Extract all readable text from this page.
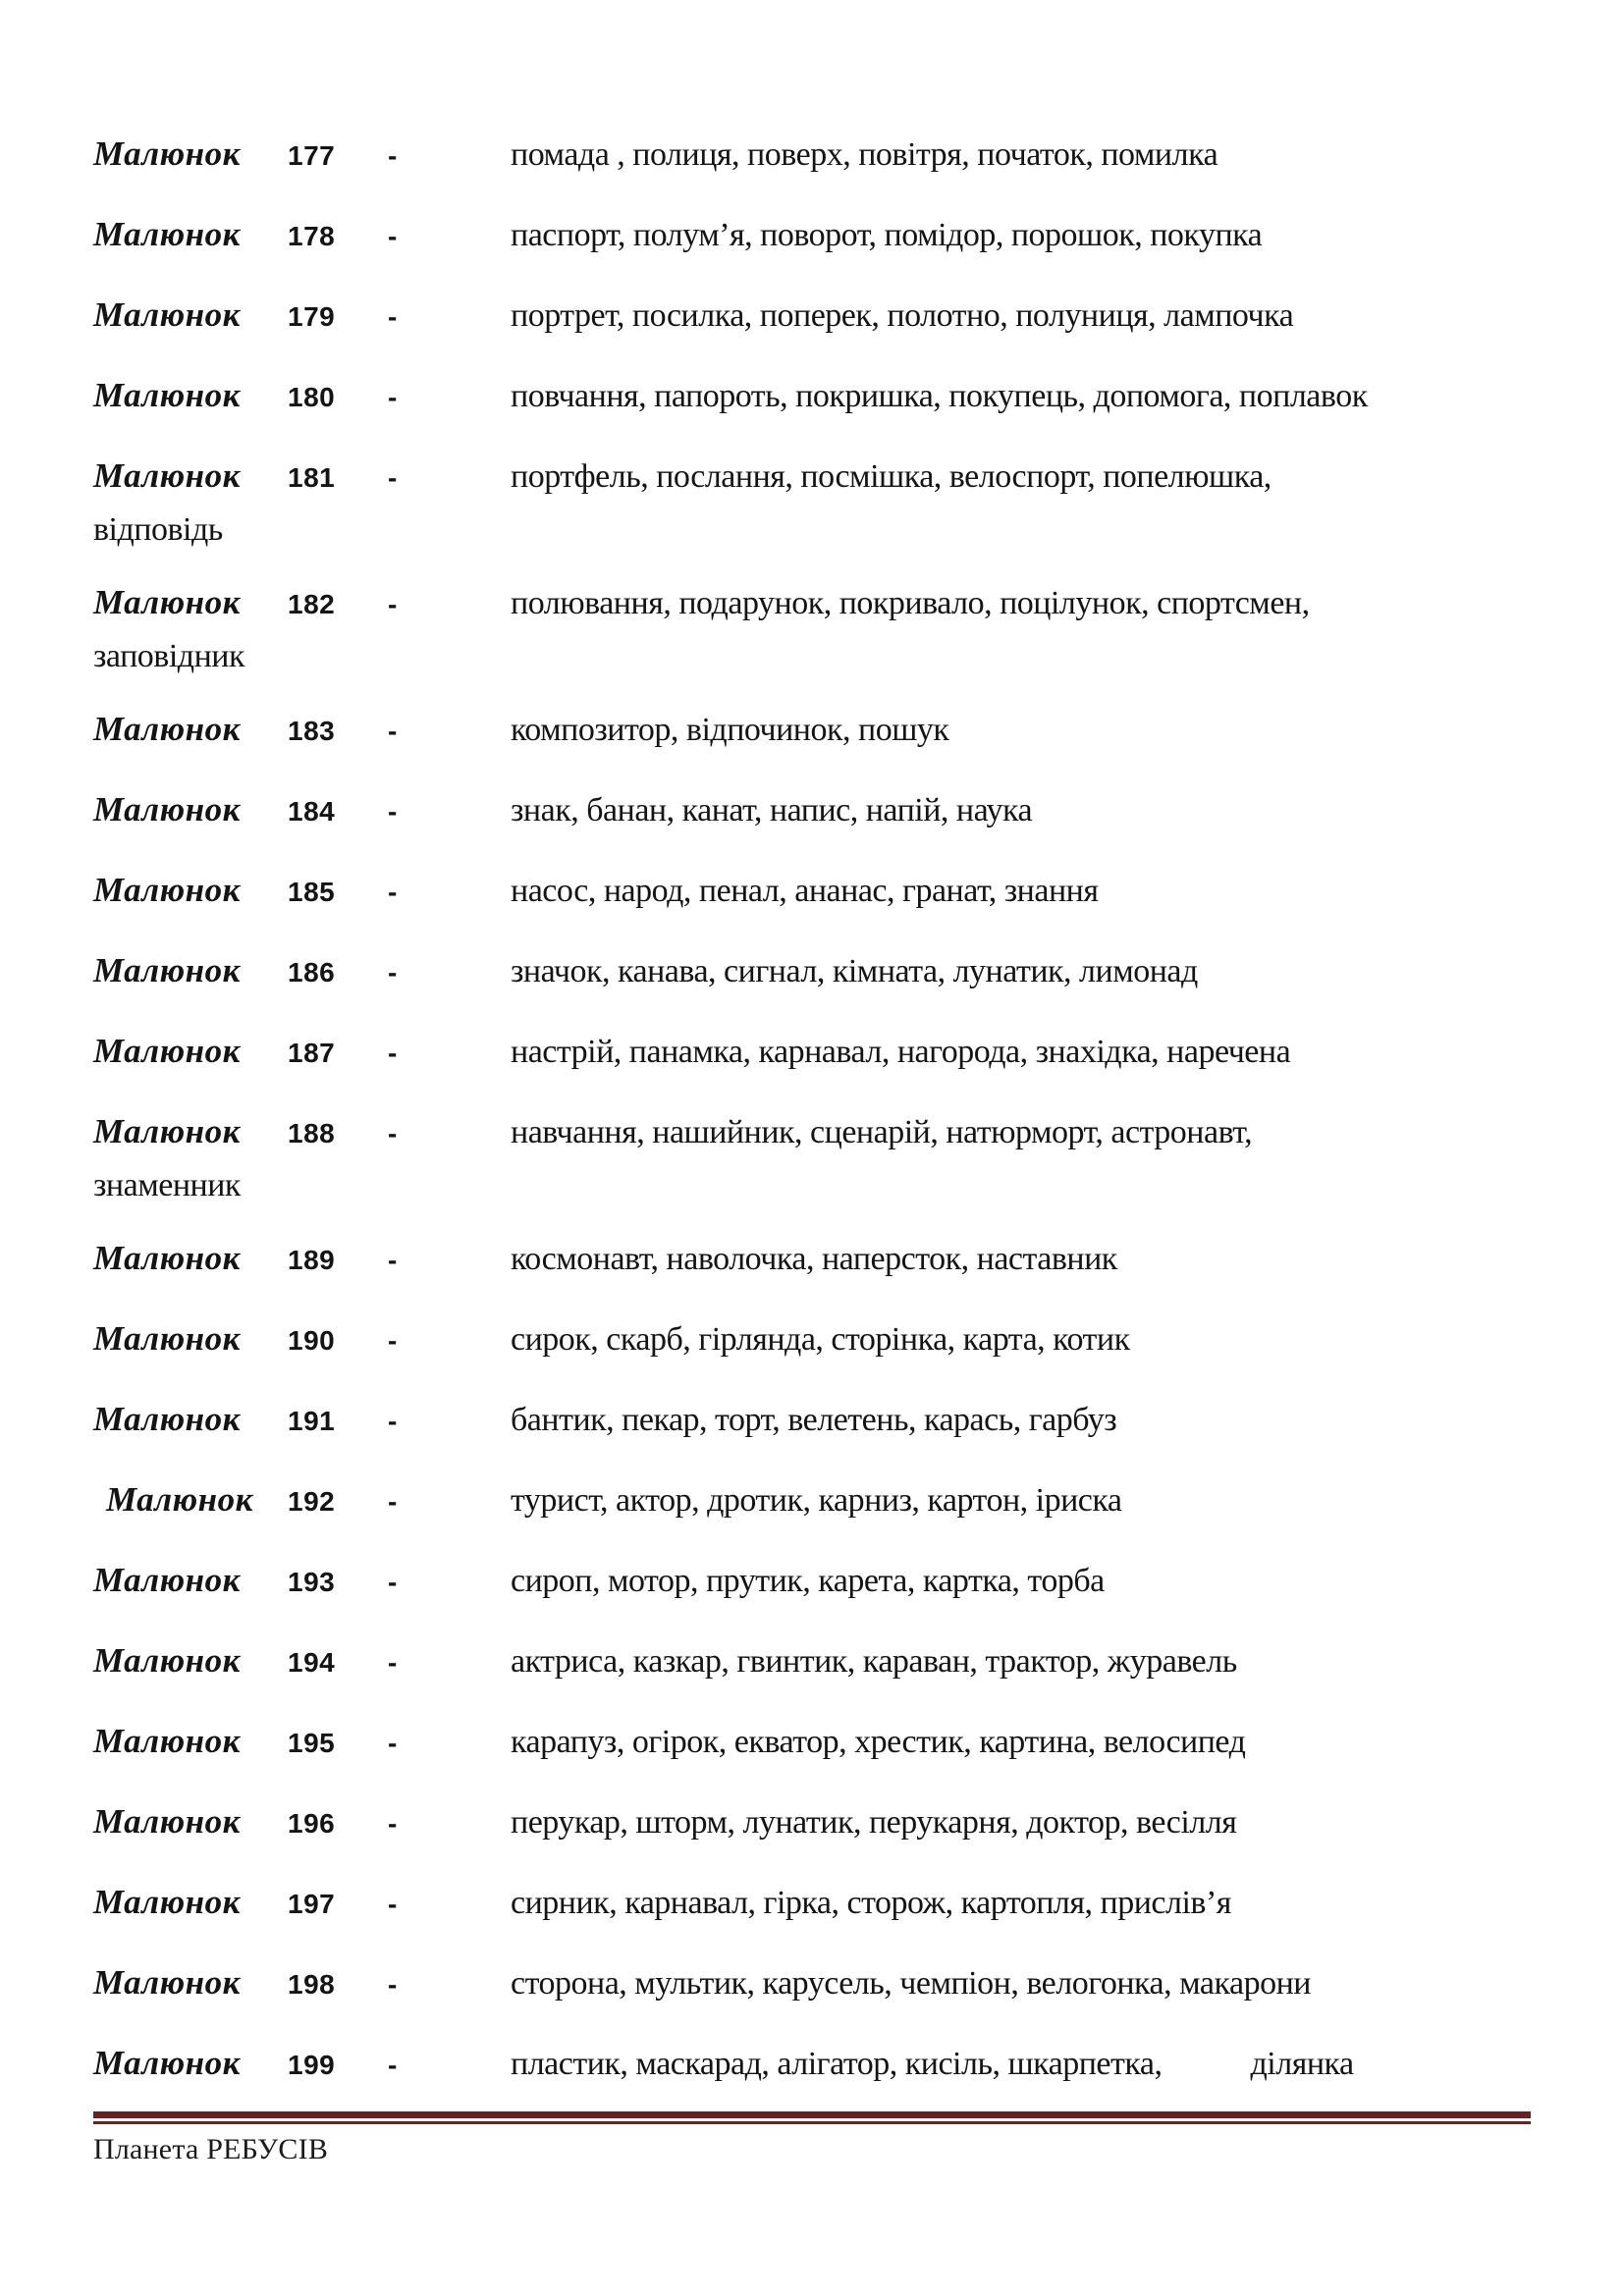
Малюнок	177	-	помада , полиця, поверх, повітря, початок, помилка
Малюнок	178	-	паспорт, полум’я, поворот, помідор, порошок, покупка
Малюнок	179	-	портрет, посилка, поперек, полотно, полуниця, лампочка
Малюнок	180	-	повчання, папороть, покришка, покупець, допомога, поплавок
Малюнок	181	-	портфель, послання, посмішка, велоспорт, попелюшка,
відповідь
Малюнок	182	-	полювання, подарунок, покривало, поцілунок, спортсмен,
заповідник
Малюнок	183	-	композитор, відпочинок, пошук
Малюнок	184	-	знак, банан, канат, напис, напій, наука
Малюнок	185	-	насос, народ, пенал, ананас, гранат, знання
Малюнок	186	-	значок, канава, сигнал, кімната, лунатик, лимонад
Малюнок	187	-	настрій, панамка, карнавал, нагорода, знахідка, наречена
Малюнок	188	-	навчання, нашийник, сценарій, натюрморт, астронавт,
знаменник
Малюнок	189	-	космонавт, наволочка, наперсток, наставник
Малюнок	190	-	сирок, скарб, гірлянда, сторінка, карта, котик
Малюнок	191	-	бантик, пекар, торт, велетень, карась, гарбуз
Малюнок	192	-	турист, актор, дротик, карниз, картон, іриска
Малюнок	193	-	сироп, мотор, прутик, карета, картка, торба
Малюнок	194	-	актриса, казкар, гвинтик, караван, трактор, журавель
Малюнок	195	-	карапуз, огірок, екватор, хрестик, картина, велосипед
Малюнок	196	-	перукар, шторм, лунатик, перукарня, доктор, весілля
Малюнок	197	-	сирник, карнавал, гірка, сторож, картопля, прислів’я
Малюнок	198	-	сторона, мультик, карусель, чемпіон, велогонка, макарони
Малюнок	199	-	пластик, маскарад, алігатор, кисіль, шкарпетка,	ділянка
Планета РЕБУСІВ
